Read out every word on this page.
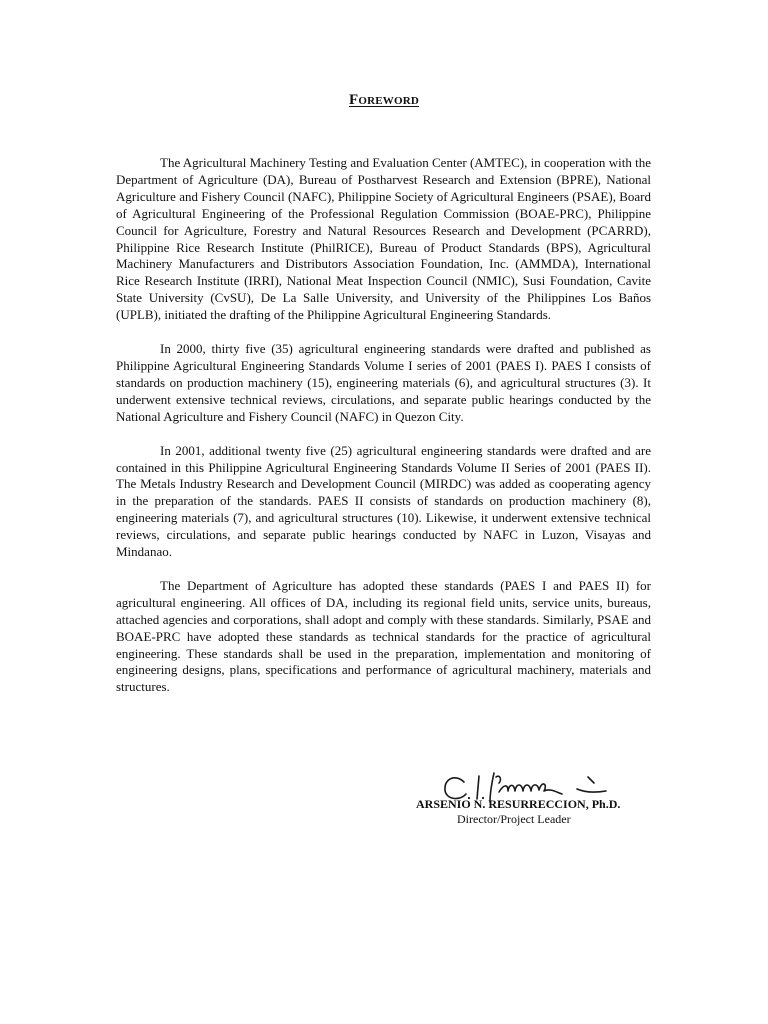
Foreword

The Agricultural Machinery Testing and Evaluation Center (AMTEC), in cooperation with the Department of Agriculture (DA), Bureau of Postharvest Research and Extension (BPRE), National Agriculture and Fishery Council (NAFC), Philippine Society of Agricultural Engineers (PSAE), Board of Agricultural Engineering of the Professional Regulation Commission (BOAE-PRC), Philippine Council for Agriculture, Forestry and Natural Resources Research and Development (PCARRD), Philippine Rice Research Institute (PhilRICE), Bureau of Product Standards (BPS), Agricultural Machinery Manufacturers and Distributors Association Foundation, Inc. (AMMDA), International Rice Research Institute (IRRI), National Meat Inspection Council (NMIC), Susi Foundation, Cavite State University (CvSU), De La Salle University, and University of the Philippines Los Baños (UPLB), initiated the drafting of the Philippine Agricultural Engineering Standards.

In 2000, thirty five (35) agricultural engineering standards were drafted and published as Philippine Agricultural Engineering Standards Volume I series of 2001 (PAES I). PAES I consists of standards on production machinery (15), engineering materials (6), and agricultural structures (3). It underwent extensive technical reviews, circulations, and separate public hearings conducted by the National Agriculture and Fishery Council (NAFC) in Quezon City.

In 2001, additional twenty five (25) agricultural engineering standards were drafted and are contained in this Philippine Agricultural Engineering Standards Volume II Series of 2001 (PAES II). The Metals Industry Research and Development Council (MIRDC) was added as cooperating agency in the preparation of the standards. PAES II consists of standards on production machinery (8), engineering materials (7), and agricultural structures (10). Likewise, it underwent extensive technical reviews, circulations, and separate public hearings conducted by NAFC in Luzon, Visayas and Mindanao.

The Department of Agriculture has adopted these standards (PAES I and PAES II) for agricultural engineering. All offices of DA, including its regional field units, service units, bureaus, attached agencies and corporations, shall adopt and comply with these standards. Similarly, PSAE and BOAE-PRC have adopted these standards as technical standards for the practice of agricultural engineering. These standards shall be used in the preparation, implementation and monitoring of engineering designs, plans, specifications and performance of agricultural machinery, materials and structures.

ARSENIO N. RESURRECCION, Ph.D.
Director/Project Leader
